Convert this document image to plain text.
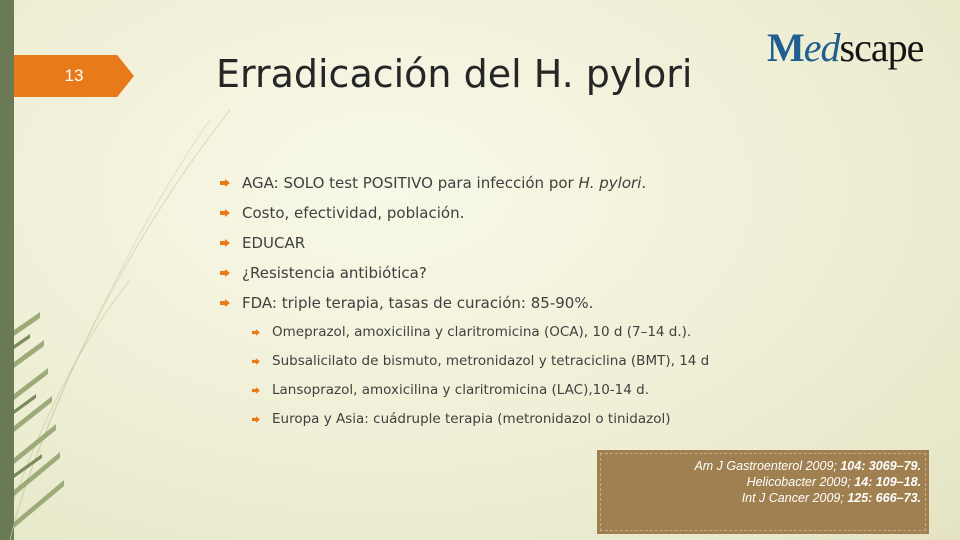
13	Erradicación del H. pylori
Medscape
AGA: SOLO test POSITIVO para infección por H. pylori.
Costo, efectividad, población.
EDUCAR
¿Resistencia antibiótica?
FDA: triple terapia, tasas de curación: 85-90%.
Omeprazol, amoxicilina y claritromicina (OCA), 10 d (7–14 d.).
Subsalicilato de bismuto, metronidazol y tetraciclina (BMT), 14 d
Lansoprazol, amoxicilina y claritromicina (LAC),10-14 d.
Europa y Asia: cuádruple terapia (metronidazol o tinidazol)
Am J Gastroenterol 2009; 104: 3069–79.
Helicobacter 2009; 14: 109–18.
Int J Cancer 2009; 125: 666–73.
